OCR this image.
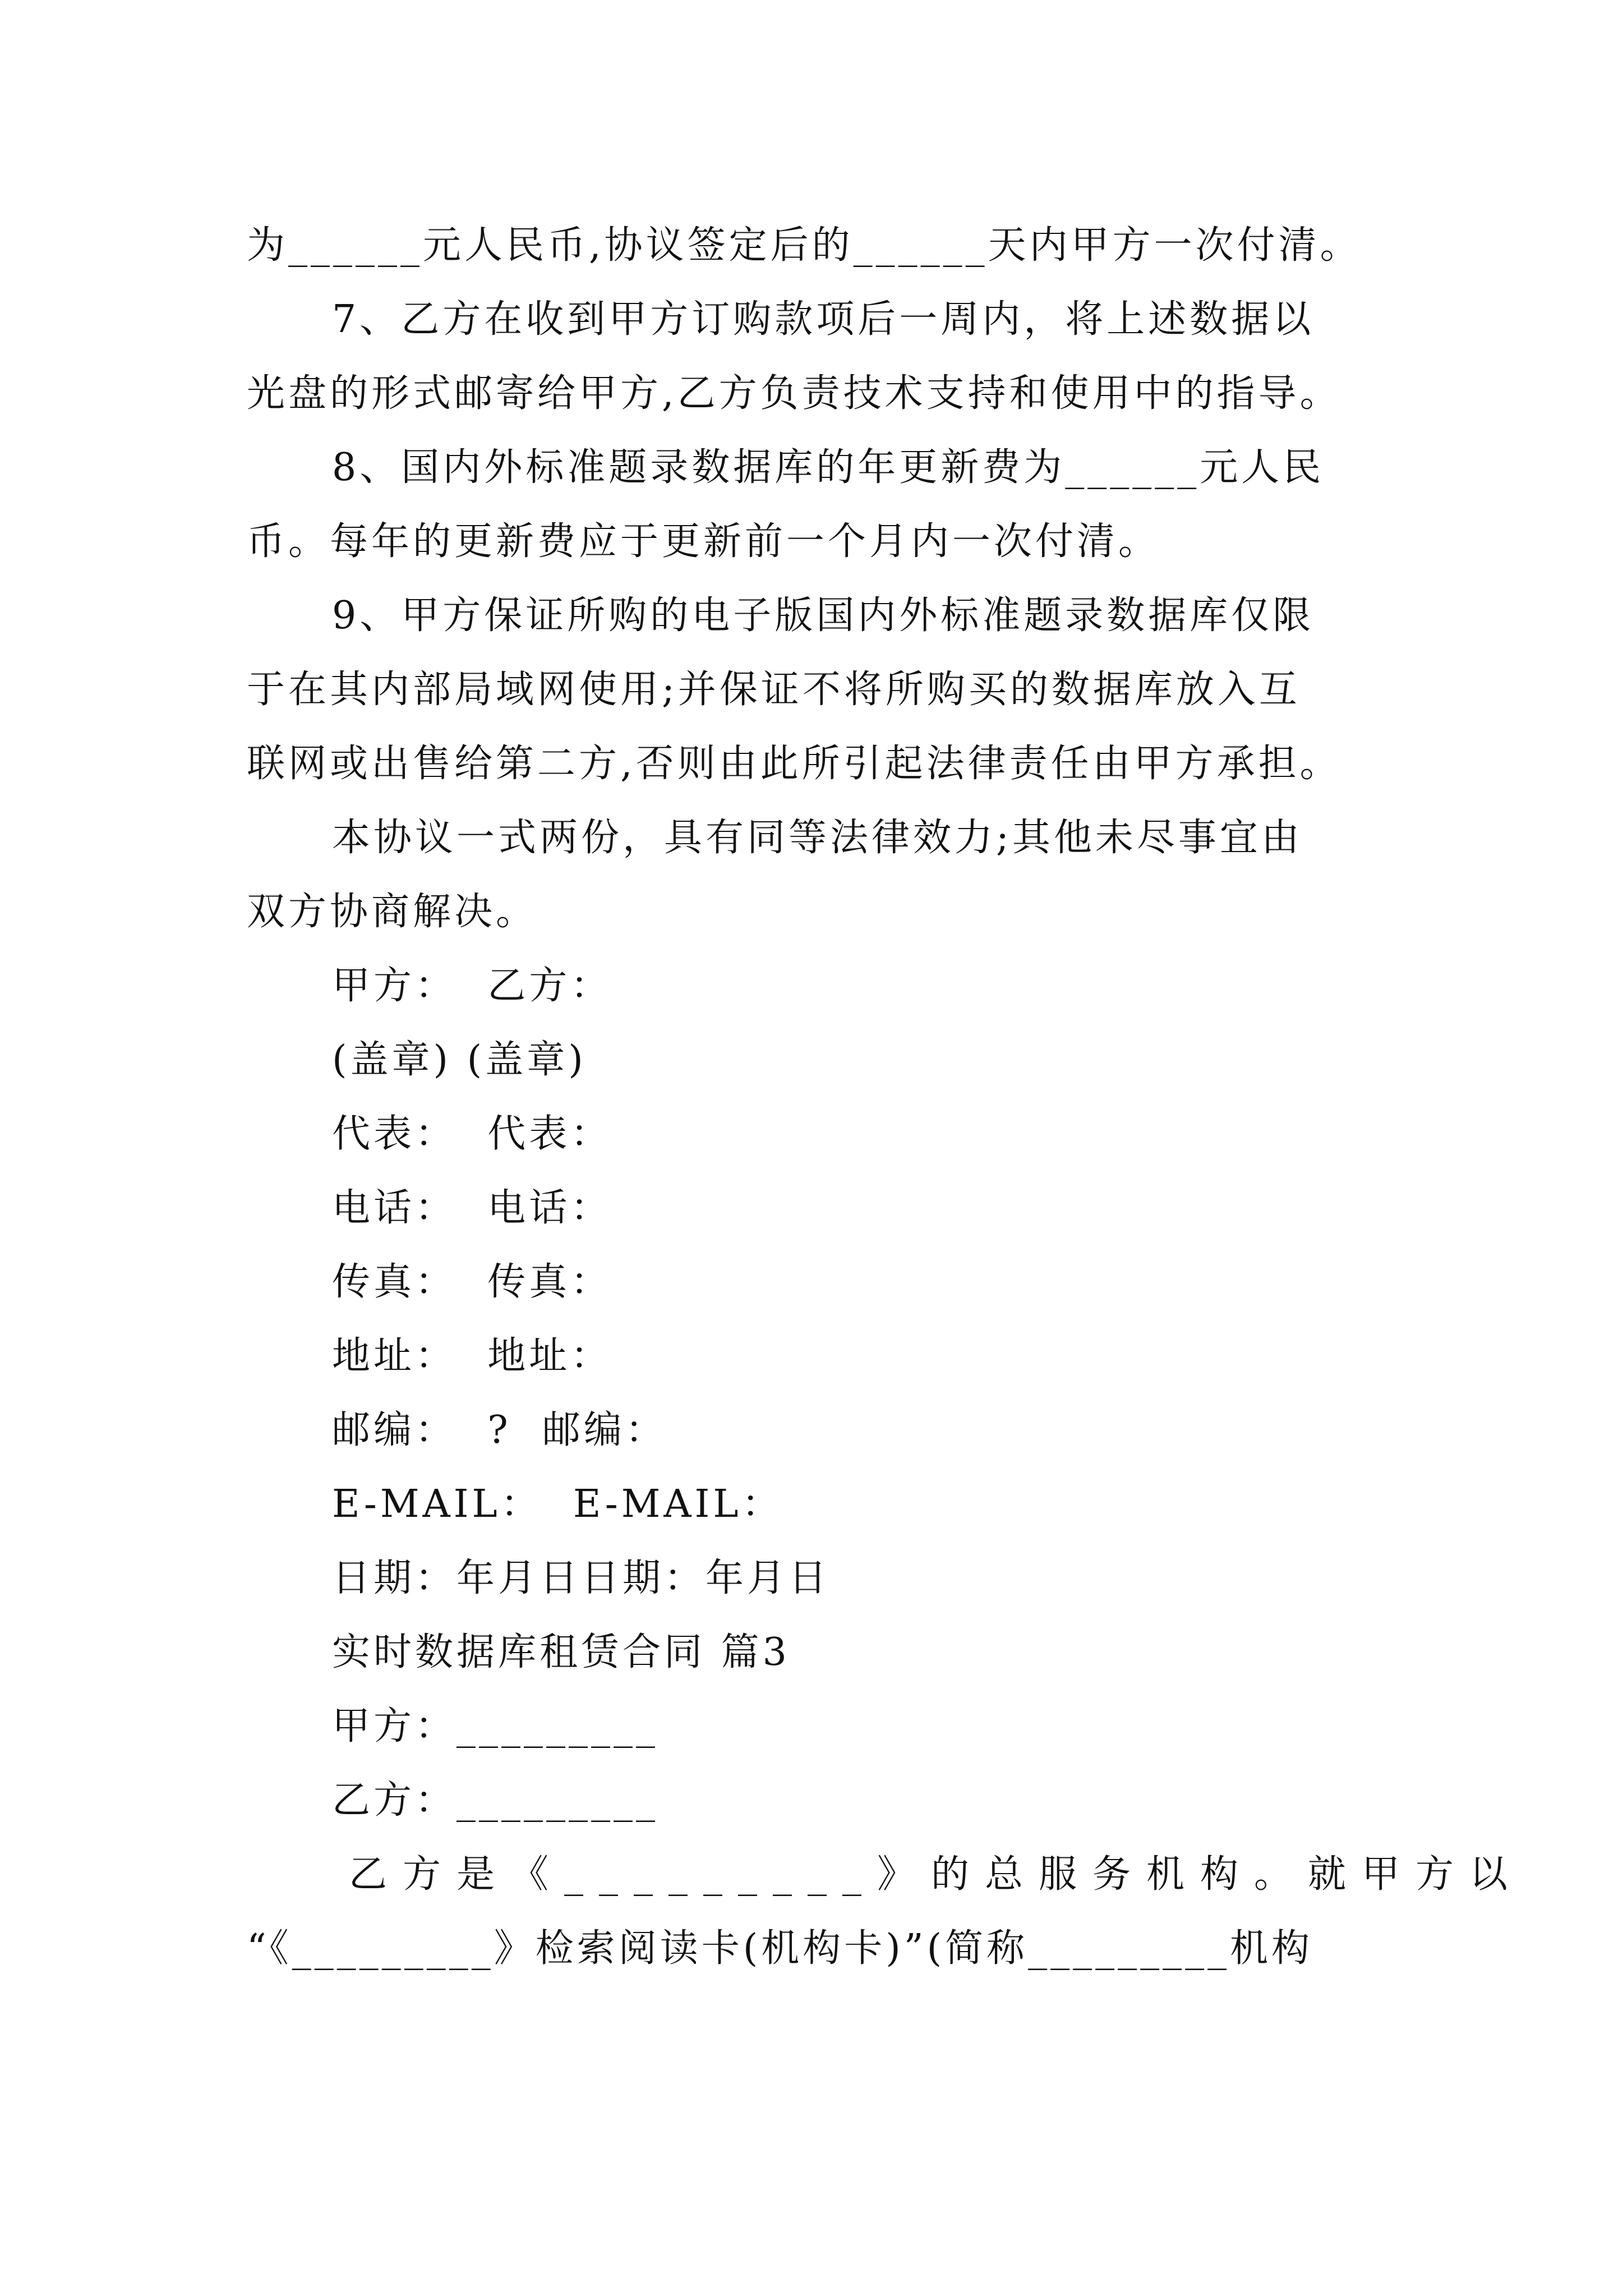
为______元人民币,协议签定后的______天内甲方一次付清。
7、乙方在收到甲方订购款项后一周内，将上述数据以
光盘的形式邮寄给甲方,乙方负责技术支持和使用中的指导。
8、国内外标准题录数据库的年更新费为______元人民
币。每年的更新费应于更新前一个月内一次付清。
9、甲方保证所购的电子版国内外标准题录数据库仅限
于在其内部局域网使用;并保证不将所购买的数据库放入互
联网或出售给第二方,否则由此所引起法律责任由甲方承担。
本协议一式两份，具有同等法律效力;其他未尽事宜由
双方协商解决。
甲方：  乙方：
(盖章) (盖章)
代表：  代表：
电话：  电话：
传真：  传真：
地址：  地址：
邮编：  ?  邮编：
E-MAIL：  E-MAIL：
日期：年月日日期：年月日
实时数据库租赁合同 篇3
甲方：_________
乙方：_________
乙方是《_________》的总服务机构。就甲方以
“《_________》检索阅读卡(机构卡)”(简称_________机构
